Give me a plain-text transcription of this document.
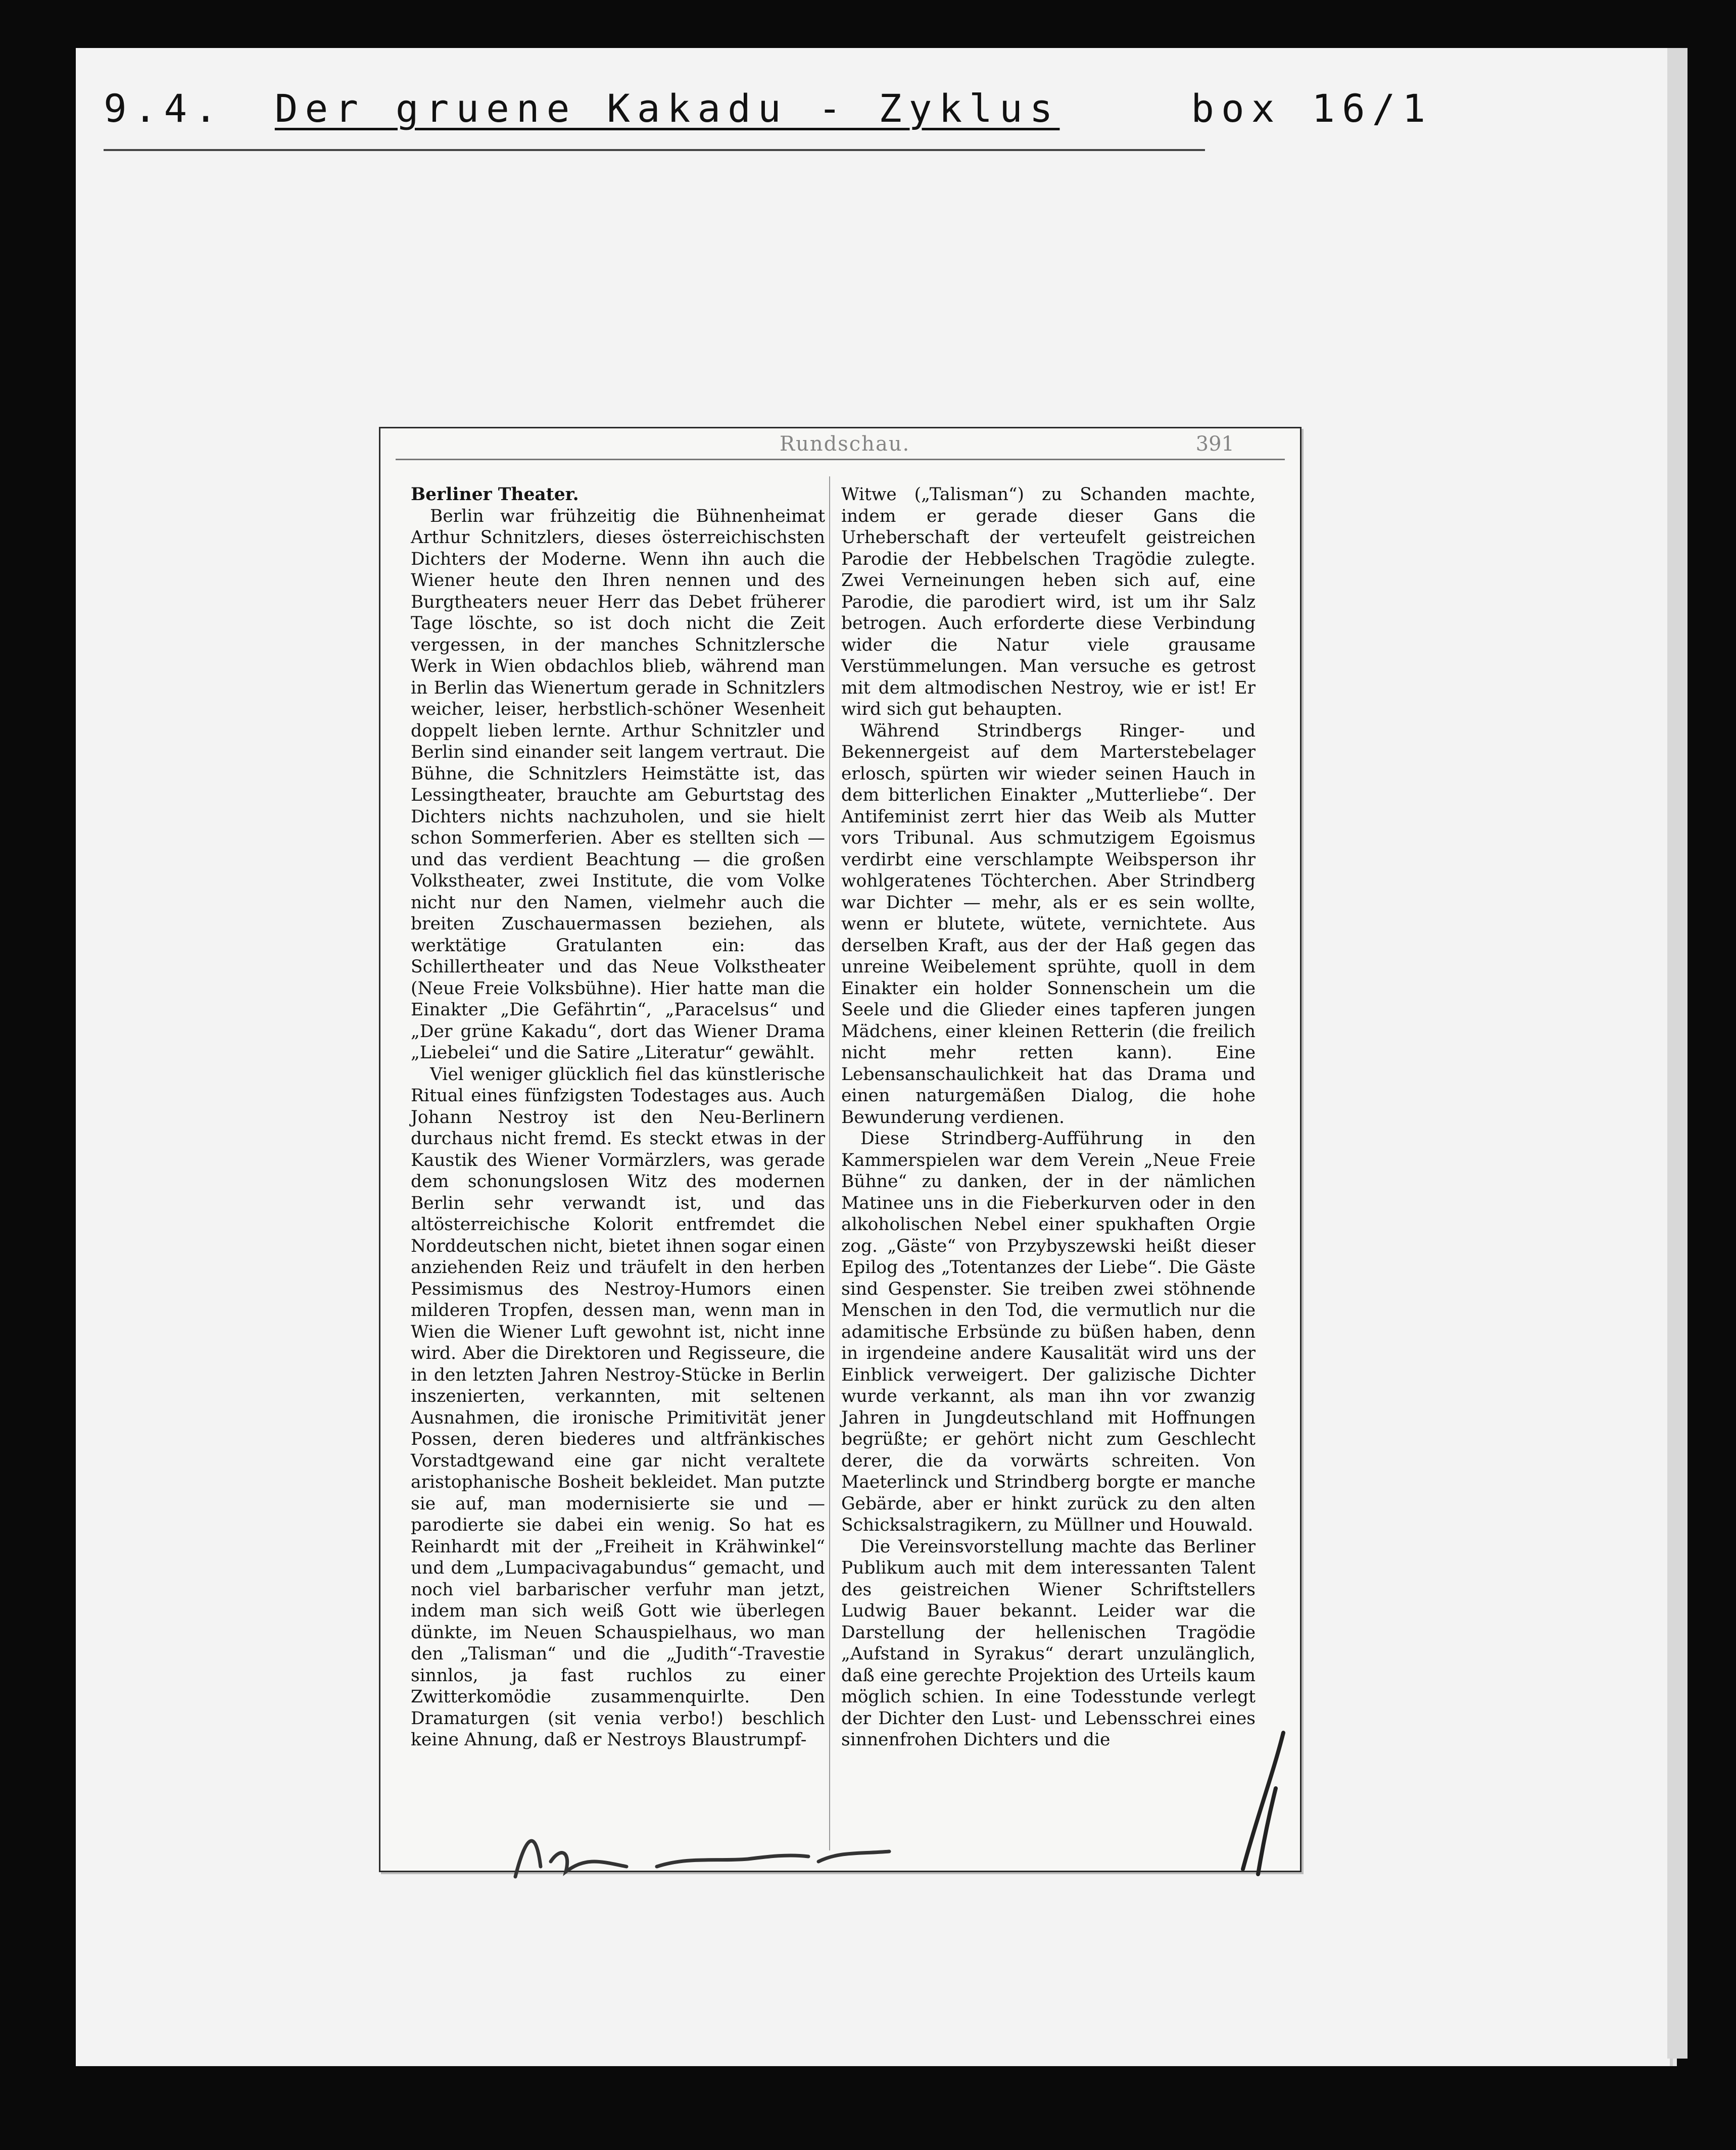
9.4. Der gruene Kakadu - Zyklus	box 16/1
Rundschau.	391

Berliner Theater.

Berlin war frühzeitig die Bühnenheimat Arthur Schnitzlers, dieses österreichischsten Dichters der Moderne. Wenn ihn auch die Wiener heute den Ihren nennen und des Burgtheaters neuer Herr das Debet früherer Tage löschte, so ist doch nicht die Zeit vergessen, in der manches Schnitzlersche Werk in Wien obdachlos blieb, während man in Berlin das Wienertum gerade in Schnitzlers weicher, leiser, herbstlich-schöner Wesenheit doppelt lieben lernte. Arthur Schnitzler und Berlin sind einander seit langem vertraut. Die Bühne, die Schnitzlers Heimstätte ist, das Lessingtheater, brauchte am Geburtstag des Dichters nichts nachzuholen, und sie hielt schon Sommerferien. Aber es stellten sich — und das verdient Beachtung — die großen Volkstheater, zwei Institute, die vom Volke nicht nur den Namen, vielmehr auch die breiten Zuschauermassen beziehen, als werktätige Gratulanten ein: das Schillertheater und das Neue Volkstheater (Neue Freie Volksbühne). Hier hatte man die Einakter „Die Gefährtin“, „Paracelsus“ und „Der grüne Kakadu“, dort das Wiener Drama „Liebelei“ und die Satire „Literatur“ gewählt.

Viel weniger glücklich fiel das künstlerische Ritual eines fünfzigsten Todestages aus. Auch Johann Nestroy ist den Neu-Berlinern durchaus nicht fremd. Es steckt etwas in der Kaustik des Wiener Vormärzlers, was gerade dem schonungslosen Witz des modernen Berlin sehr verwandt ist, und das altösterreichische Kolorit entfremdet die Norddeutschen nicht, bietet ihnen sogar einen anziehenden Reiz und träufelt in den herben Pessimismus des Nestroy-Humors einen milderen Tropfen, dessen man, wenn man in Wien die Wiener Luft gewohnt ist, nicht inne wird. Aber die Direktoren und Regisseure, die in den letzten Jahren Nestroy-Stücke in Berlin inszenierten, verkannten, mit seltenen Ausnahmen, die ironische Primitivität jener Possen, deren biederes und altfränkisches Vorstadtgewand eine gar nicht veraltete aristophanische Bosheit bekleidet. Man putzte sie auf, man modernisierte sie und — parodierte sie dabei ein wenig. So hat es Reinhardt mit der „Freiheit in Krähwinkel“ und dem „Lumpacivagabundus“ gemacht, und noch viel barbarischer verfuhr man jetzt, indem man sich weiß Gott wie überlegen dünkte, im Neuen Schauspielhaus, wo man den „Talisman“ und die „Judith“-Travestie sinnlos, ja fast ruchlos zu einer Zwitterkomödie zusammenquirlte. Den Dramaturgen (sit venia verbo!) beschlich keine Ahnung, daß er Nestroys Blaustrumpf-

Witwe („Talisman“) zu Schanden machte, indem er gerade dieser Gans die Urheberschaft der verteufelt geistreichen Parodie der Hebbelschen Tragödie zulegte. Zwei Verneinungen heben sich auf, eine Parodie, die parodiert wird, ist um ihr Salz betrogen. Auch erforderte diese Verbindung wider die Natur viele grausame Verstümmelungen. Man versuche es getrost mit dem altmodischen Nestroy, wie er ist! Er wird sich gut behaupten.

Während Strindbergs Ringer- und Bekennergeist auf dem Marterstebelager erlosch, spürten wir wieder seinen Hauch in dem bitterlichen Einakter „Mutterliebe“. Der Antifeminist zerrt hier das Weib als Mutter vors Tribunal. Aus schmutzigem Egoismus verdirbt eine verschlampte Weibsperson ihr wohlgeratenes Töchterchen. Aber Strindberg war Dichter — mehr, als er es sein wollte, wenn er blutete, wütete, vernichtete. Aus derselben Kraft, aus der der Haß gegen das unreine Weibelement sprühte, quoll in dem Einakter ein holder Sonnenschein um die Seele und die Glieder eines tapferen jungen Mädchens, einer kleinen Retterin (die freilich nicht mehr retten kann). Eine Lebensanschaulichkeit hat das Drama und einen naturgemäßen Dialog, die hohe Bewunderung verdienen.

Diese Strindberg-Aufführung in den Kammerspielen war dem Verein „Neue Freie Bühne“ zu danken, der in der nämlichen Matinee uns in die Fieberkurven oder in den alkoholischen Nebel einer spukhaften Orgie zog. „Gäste“ von Przybyszewski heißt dieser Epilog des „Totentanzes der Liebe“. Die Gäste sind Gespenster. Sie treiben zwei stöhnende Menschen in den Tod, die vermutlich nur die adamitische Erbsünde zu büßen haben, denn in irgendeine andere Kausalität wird uns der Einblick verweigert. Der galizische Dichter wurde verkannt, als man ihn vor zwanzig Jahren in Jungdeutschland mit Hoffnungen begrüßte; er gehört nicht zum Geschlecht derer, die da vorwärts schreiten. Von Maeterlinck und Strindberg borgte er manche Gebärde, aber er hinkt zurück zu den alten Schicksalstragikern, zu Müllner und Houwald.

Die Vereinsvorstellung machte das Berliner Publikum auch mit dem interessanten Talent des geistreichen Wiener Schriftstellers Ludwig Bauer bekannt. Leider war die Darstellung der hellenischen Tragödie „Aufstand in Syrakus“ derart unzulänglich, daß eine gerechte Projektion des Urteils kaum möglich schien. In eine Todesstunde verlegt der Dichter den Lust- und Lebensschrei eines sinnenfrohen Dichters und die
